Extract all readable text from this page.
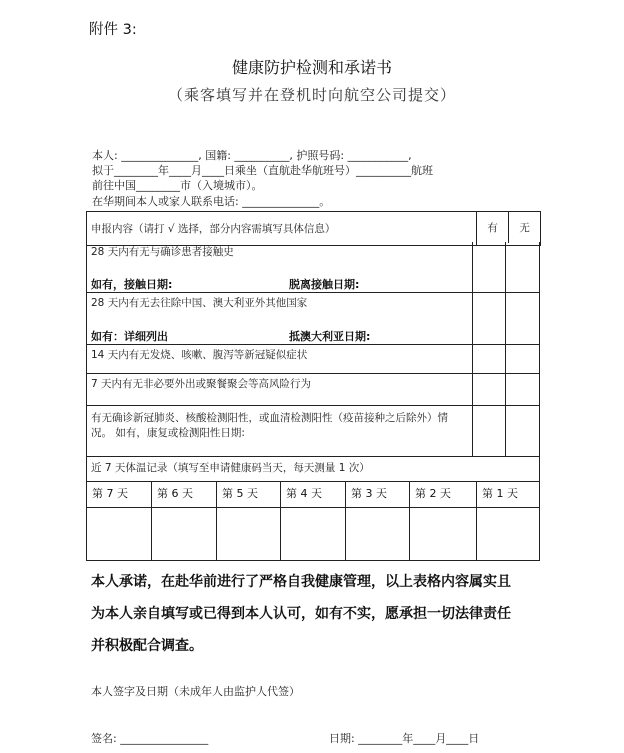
附件 3:
健康防护检测和承诺书
（乘客填写并在登机时向航空公司提交）
本人: ______________, 国籍: __________, 护照号码: ___________,
拟于________年____月____日乘坐（直航赴华航班号）__________航班
前往中国________市（入境城市）。
在华期间本人或家人联系电话: ______________。
申报内容（请打 √ 选择，部分内容需填写具体信息）	有	无
28 天内有无与确诊患者接触史
如有，接触日期:	脱离接触日期:
28 天内有无去往除中国、澳大利亚外其他国家
如有：详细列出	抵澳大利亚日期:
14 天内有无发烧、咳嗽、腹泻等新冠疑似症状
7 天内有无非必要外出或聚餐聚会等高风险行为
有无确诊新冠肺炎、核酸检测阳性，或血清检测阳性（疫苗接种之后除外）情况。 如有，康复或检测阳性日期:
近 7 天体温记录（填写至申请健康码当天，每天测量 1 次）
第 7 天	第 6 天	第 5 天	第 4 天	第 3 天	第 2 天	第 1 天
本人承诺，在赴华前进行了严格自我健康管理，以上表格内容属实且
为本人亲自填写或已得到本人认可，如有不实，愿承担一切法律责任
并积极配合调查。
本人签字及日期（未成年人由监护人代签）
签名: ________________	日期: ________年____月____日
